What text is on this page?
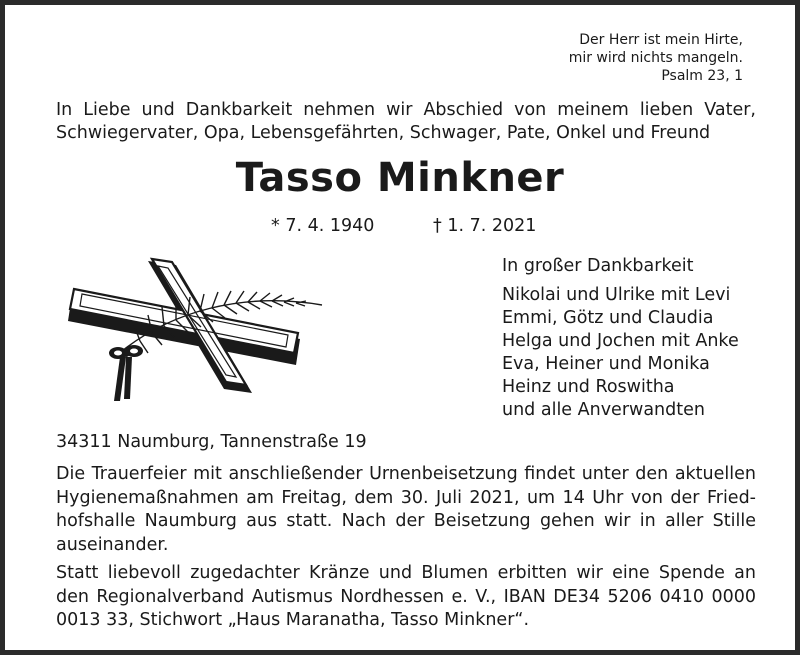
Der Herr ist mein Hirte,
mir wird nichts mangeln.
Psalm 23, 1
In Liebe und Dankbarkeit nehmen wir Abschied von meinem lieben Vater,
Schwiegervater, Opa, Lebensgefährten, Schwager, Pate, Onkel und Freund
Tasso Minkner
* 7. 4. 1940	† 1. 7. 2021
In großer Dankbarkeit
Nikolai und Ulrike mit Levi
Emmi, Götz und Claudia
Helga und Jochen mit Anke
Eva, Heiner und Monika
Heinz und Roswitha
und alle Anverwandten
34311 Naumburg, Tannenstraße 19
Die Trauerfeier mit anschließender Urnenbeisetzung findet unter den aktuellen
Hygienemaßnahmen am Freitag, dem 30. Juli 2021, um 14 Uhr von der Fried-
hofshalle Naumburg aus statt. Nach der Beisetzung gehen wir in aller Stille
auseinander.
Statt liebevoll zugedachter Kränze und Blumen erbitten wir eine Spende an
den Regionalverband Autismus Nordhessen e. V., IBAN DE34 5206 0410 0000
0013 33, Stichwort „Haus Maranatha, Tasso Minkner“.
